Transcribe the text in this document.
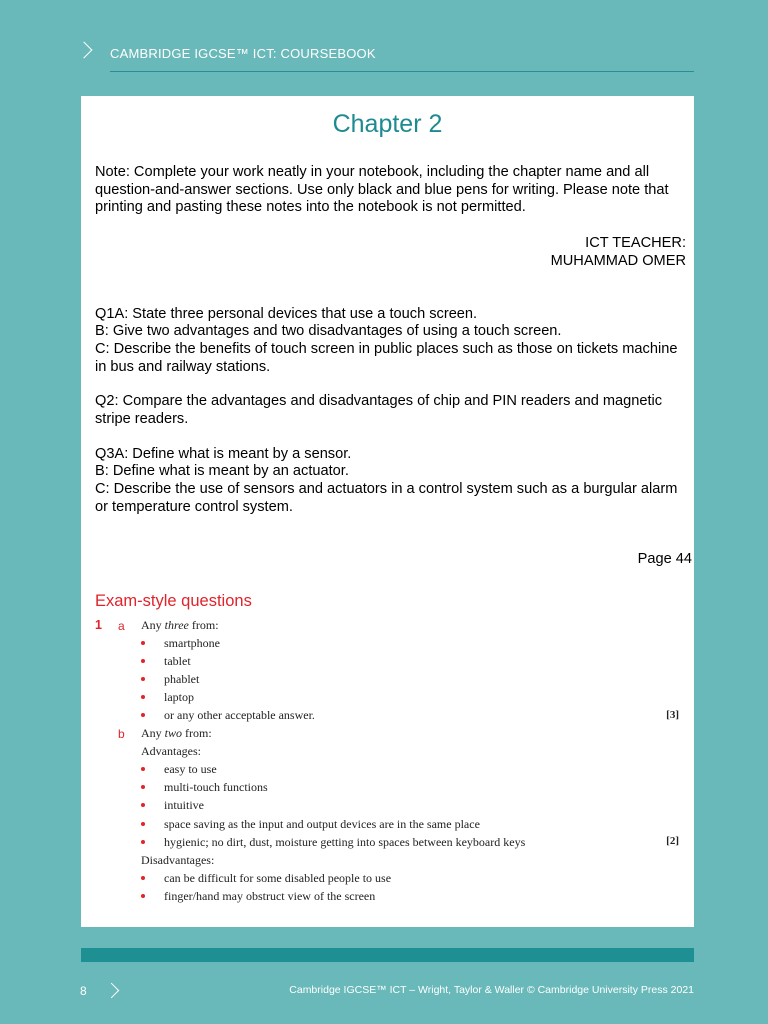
CAMBRIDGE IGCSE™ ICT: COURSEBOOK
Chapter 2
Note: Complete your work neatly in your notebook, including the chapter name and all question-and-answer sections. Use only black and blue pens for writing. Please note that printing and pasting these notes into the notebook is not permitted.
ICT TEACHER:
MUHAMMAD OMER
Q1A: State three personal devices that use a touch screen.
B: Give two advantages and two disadvantages of using a touch screen.
C: Describe the benefits of touch screen in public places such as those on tickets machine in bus and railway stations.
Q2: Compare the advantages and disadvantages of chip and PIN readers and magnetic stripe readers.
Q3A: Define what is meant by a sensor.
B: Define what is meant by an actuator.
C: Describe the use of sensors and actuators in a control system such as a burgular alarm or temperature control system.
Page 44
Exam-style questions
1 a Any three from:
smartphone
tablet
phablet
laptop
or any other acceptable answer.	[3]
b Any two from:
Advantages:
easy to use
multi-touch functions
intuitive
space saving as the input and output devices are in the same place
hygienic; no dirt, dust, moisture getting into spaces between keyboard keys	[2]
Disadvantages:
can be difficult for some disabled people to use
finger/hand may obstruct view of the screen
8	Cambridge IGCSE™ ICT – Wright, Taylor & Waller © Cambridge University Press 2021
